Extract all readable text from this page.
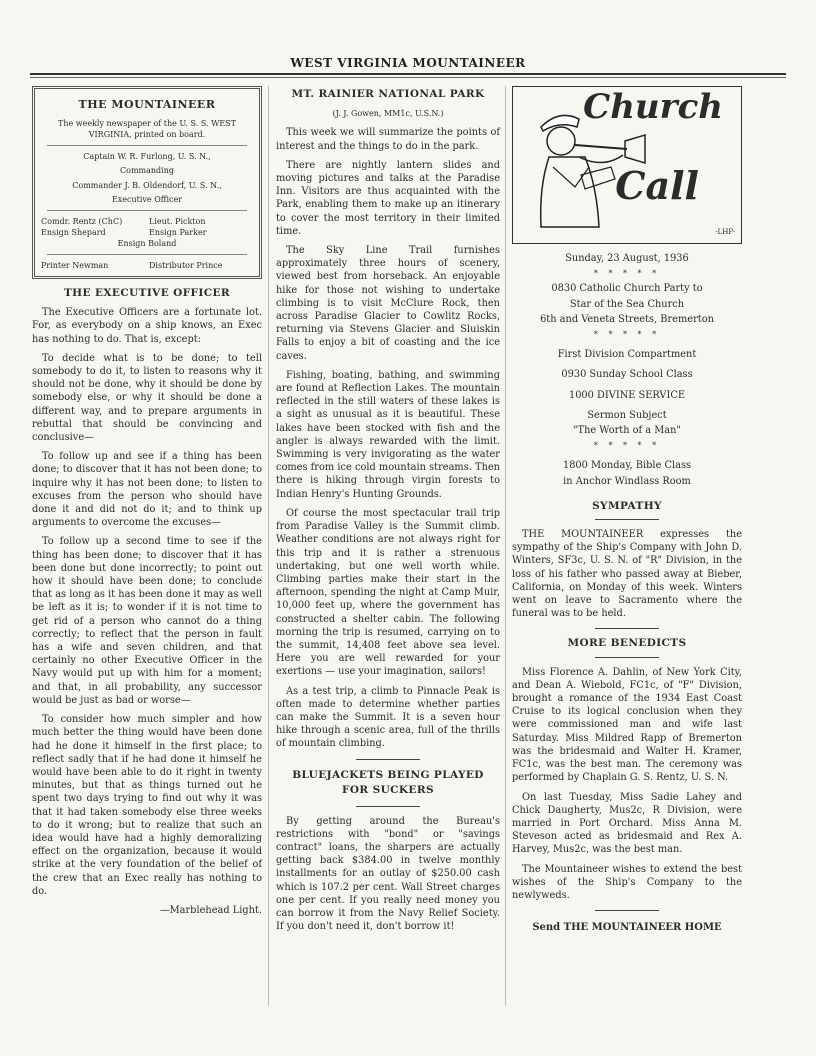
WEST VIRGINIA MOUNTAINEER
THE MOUNTAINEER
The weekly newspaper of the U. S. S. WEST VIRGINIA, printed on board.
Captain W. R. Furlong, U. S. N.,
Commanding
Commander J. B. Oldendorf, U. S. N.,
Executive Officer
Comdr. Rentz (ChC)	Lieut. Pickton
Ensign Shepard	Ensign Parker
Ensign Boland
Printer Newman	Distributor Prince
THE EXECUTIVE OFFICER

The Executive Officers are a fortunate lot. For, as everybody on a ship knows, an Exec has nothing to do. That is, except:

To decide what is to be done; to tell somebody to do it, to listen to reasons why it should not be done, why it should be done by somebody else, or why it should be done a different way, and to prepare arguments in rebuttal that should be convincing and conclusive—

To follow up and see if a thing has been done; to discover that it has not been done; to inquire why it has not been done; to listen to excuses from the person who should have done it and did not do it; and to think up arguments to overcome the excuses—

To follow up a second time to see if the thing has been done; to discover that it has been done but done incorrectly; to point out how it should have been done; to conclude that as long as it has been done it may as well be left as it is; to wonder if it is not time to get rid of a person who cannot do a thing correctly; to reflect that the person in fault has a wife and seven children, and that certainly no other Executive Officer in the Navy would put up with him for a moment; and that, in all probability, any successor would be just as bad or worse—

To consider how much simpler and how much better the thing would have been done had he done it himself in the first place; to reflect sadly that if he had done it himself he would have been able to do it right in twenty minutes, but that as things turned out he spent two days trying to find out why it was that it had taken somebody else three weeks to do it wrong; but to realize that such an idea would have had a highly demoralizing effect on the organization, because it would strike at the very foundation of the belief of the crew that an Exec really has nothing to do.

—Marblehead Light.
MT. RAINIER NATIONAL PARK
(J. J. Gowen, MM1c, U.S.N.)

This week we will summarize the points of interest and the things to do in the park.

There are nightly lantern slides and moving pictures and talks at the Paradise Inn. Visitors are thus acquainted with the Park, enabling them to make up an itinerary to cover the most territory in their limited time.

The Sky Line Trail furnishes approximately three hours of scenery, viewed best from horseback. An enjoyable hike for those not wishing to undertake climbing is to visit McClure Rock, then across Paradise Glacier to Cowlitz Rocks, returning via Stevens Glacier and Sluiskin Falls to enjoy a bit of coasting and the ice caves.

Fishing, boating, bathing, and swimming are found at Reflection Lakes. The mountain reflected in the still waters of these lakes is a sight as unusual as it is beautiful. These lakes have been stocked with fish and the angler is always rewarded with the limit. Swimming is very invigorating as the water comes from ice cold mountain streams. Then there is hiking through virgin forests to Indian Henry's Hunting Grounds.

Of course the most spectacular trail trip from Paradise Valley is the Summit climb. Weather conditions are not always right for this trip and it is rather a strenuous undertaking, but one well worth while. Climbing parties make their start in the afternoon, spending the night at Camp Muir, 10,000 feet up, where the government has constructed a shelter cabin. The following morning the trip is resumed, carrying on to the summit, 14,408 feet above sea level. Here you are well rewarded for your exertions — use your imagination, sailors!

As a test trip, a climb to Pinnacle Peak is often made to determine whether parties can make the Summit. It is a seven hour hike through a scenic area, full of the thrills of mountain climbing.

BLUEJACKETS BEING PLAYED
FOR SUCKERS

By getting around the Bureau's restrictions with "bond" or "savings contract" loans, the sharpers are actually getting back $384.00 in twelve monthly installments for an outlay of $250.00 cash which is 107.2 per cent. Wall Street charges one per cent. If you really need money you can borrow it from the Navy Relief Society. If you don't need it, don't borrow it!

Church
Call
-LHP-
Sunday, 23 August, 1936
* * * * *
0830 Catholic Church Party to
Star of the Sea Church
6th and Veneta Streets, Bremerton
* * * * *
First Division Compartment
0930 Sunday School Class
1000 DIVINE SERVICE
Sermon Subject
"The Worth of a Man"
* * * * *
1800 Monday, Bible Class
in Anchor Windlass Room
SYMPATHY

THE MOUNTAINEER expresses the sympathy of the Ship's Company with John D. Winters, SF3c, U. S. N. of "R" Division, in the loss of his father who passed away at Bieber, California, on Monday of this week. Winters went on leave to Sacramento where the funeral was to be held.

MORE BENEDICTS

Miss Florence A. Dahlin, of New York City, and Dean A. Wiebold, FC1c, of "F" Division, brought a romance of the 1934 East Coast Cruise to its logical conclusion when they were commissioned man and wife last Saturday. Miss Mildred Rapp of Bremerton was the bridesmaid and Walter H. Kramer, FC1c, was the best man. The ceremony was performed by Chaplain G. S. Rentz, U. S. N.

On last Tuesday, Miss Sadie Lahey and Chick Daugherty, Mus2c, R Division, were married in Port Orchard. Miss Anna M. Steveson acted as bridesmaid and Rex A. Harvey, Mus2c, was the best man.

The Mountaineer wishes to extend the best wishes of the Ship's Company to the newlyweds.

Send THE MOUNTAINEER HOME
